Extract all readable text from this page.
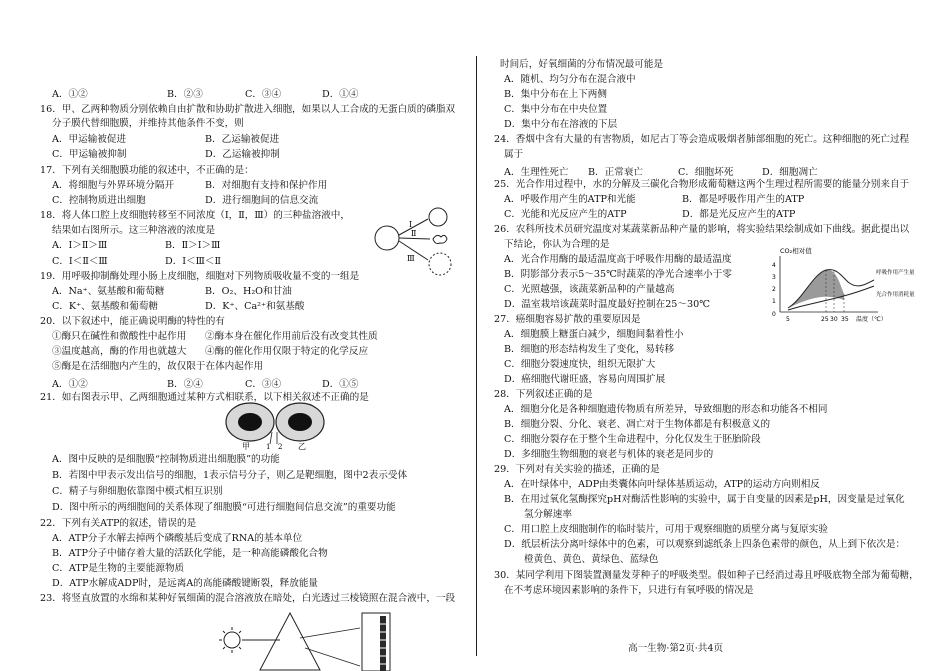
A．①②	B．②③	C．③④	D．①④
16．甲、乙两种物质分别依赖自由扩散和协助扩散进入细胞，如果以人工合成的无蛋白质的磷脂双
分子膜代替细胞膜，并维持其他条件不变，则
A．甲运输被促进	B．乙运输被促进
C．甲运输被抑制	D．乙运输被抑制
17．下列有关细胞膜功能的叙述中，不正确的是：
A．将细胞与外界环境分隔开	B．对细胞有支持和保护作用
C．控制物质进出细胞	D．进行细胞间的信息交流
18．将人体口腔上皮细胞转移至不同浓度（Ⅰ，Ⅱ，Ⅲ）的三种盐溶液中，
结果如右图所示。这三种溶液的浓度是
A．Ⅰ＞Ⅱ＞Ⅲ	B．Ⅱ＞Ⅰ＞Ⅲ
C．Ⅰ＜Ⅱ＜Ⅲ	D．Ⅰ＜Ⅲ＜Ⅱ
Ⅰ
Ⅱ
Ⅲ
19．用呼吸抑制酶处理小肠上皮细胞，细胞对下列物质吸收量不变的一组是
A．Na⁺、氨基酸和葡萄糖	B．O₂、H₂O和甘油
C．K⁺、氨基酸和葡萄糖	D．K⁺、Ca²⁺和氨基酸
20．以下叙述中，能正确说明酶的特性的有
①酶只在碱性和微酸性中起作用 ②酶本身在催化作用前后没有改变其性质
③温度越高，酶的作用也就越大 ④酶的催化作用仅限于特定的化学反应
⑤酶是在活细胞内产生的，故仅限于在体内起作用
A．①②	B．②④	C．③④	D．①⑤
21．如右图表示甲、乙两细胞通过某种方式相联系，以下相关叙述不正确的是
甲 1 2 乙
A．图中反映的是细胞膜“控制物质进出细胞膜”的功能
B．若图中甲表示发出信号的细胞，1表示信号分子，则乙是靶细胞，图中2表示受体
C．精子与卵细胞依靠图中模式相互识别
D．图中所示的两细胞间的关系体现了细胞膜“可进行细胞间信息交流”的重要功能
22．下列有关ATP的叙述，错误的是
A．ATP分子水解去掉两个磷酸基后变成了RNA的基本单位
B．ATP分子中储存着大量的活跃化学能，是一种高能磷酸化合物
C．ATP是生物的主要能源物质
D．ATP水解成ADP时，是远离A的高能磷酸键断裂，释放能量
23．将竖直放置的水绵和某种好氧细菌的混合溶液放在暗处，白光透过三棱镜照在混合液中，一段
时间后，好氧细菌的分布情况最可能是
A．随机、均匀分布在混合液中
B．集中分布在上下两侧
C．集中分布在中央位置
D．集中分布在溶液的下层
24．香烟中含有大量的有害物质，如尼古丁等会造成吸烟者肺部细胞的死亡。这种细胞的死亡过程
属于
A．生理性死亡 B．正常衰亡	C．细胞坏死	D．细胞凋亡
25．光合作用过程中，水的分解及三碳化合物形成葡萄糖这两个生理过程所需要的能量分别来自于
A．呼吸作用产生的ATP和光能	B．都是呼吸作用产生的ATP
C．光能和光反应产生的ATP	D．都是光反应产生的ATP
26．农科所技术员研究温度对某蔬菜新品种产量的影响，将实验结果绘制成如下曲线。据此提出以
下结论，你认为合理的是
A．光合作用酶的最适温度高于呼吸作用酶的最适温度
B．阴影部分表示5～35℃时蔬菜的净光合速率小于零
C．光照越强，该蔬菜新品种的产量越高
D．温室栽培该蔬菜时温度最好控制在25～30℃
CO₂相对值
4
3
2
1
0
5	25 30 35 温度（℃）
呼吸作用产生量
光合作用消耗量
27．癌细胞容易扩散的重要原因是
A．细胞膜上糖蛋白减少，细胞间黏着性小
B．细胞的形态结构发生了变化，易转移
C．细胞分裂速度快，组织无限扩大
D．癌细胞代谢旺盛，容易向周围扩展
28．下列叙述正确的是
A．细胞分化是各种细胞遗传物质有所差异，导致细胞的形态和功能各不相同
B．细胞分裂、分化、衰老、凋亡对于生物体都是有积极意义的
C．细胞分裂存在于整个生命进程中，分化仅发生于胚胎阶段
D．多细胞生物细胞的衰老与机体的衰老是同步的
29．下列对有关实验的描述，正确的是
A．在叶绿体中，ADP由类囊体向叶绿体基质运动，ATP的运动方向则相反
B．在用过氧化氢酶探究pH对酶活性影响的实验中，属于自变量的因素是pH，因变量是过氧化
氢分解速率
C．用口腔上皮细胞制作的临时装片，可用于观察细胞的质壁分离与复原实验
D．纸层析法分离叶绿体中的色素，可以观察到滤纸条上四条色素带的颜色，从上到下依次是：
橙黄色、黄色、黄绿色、蓝绿色
30．某同学利用下图装置测量发芽种子的呼吸类型。假如种子已经消过毒且呼吸底物全部为葡萄糖，
在不考虑环境因素影响的条件下，只进行有氧呼吸的情况是
高一生物·第2页·共4页
